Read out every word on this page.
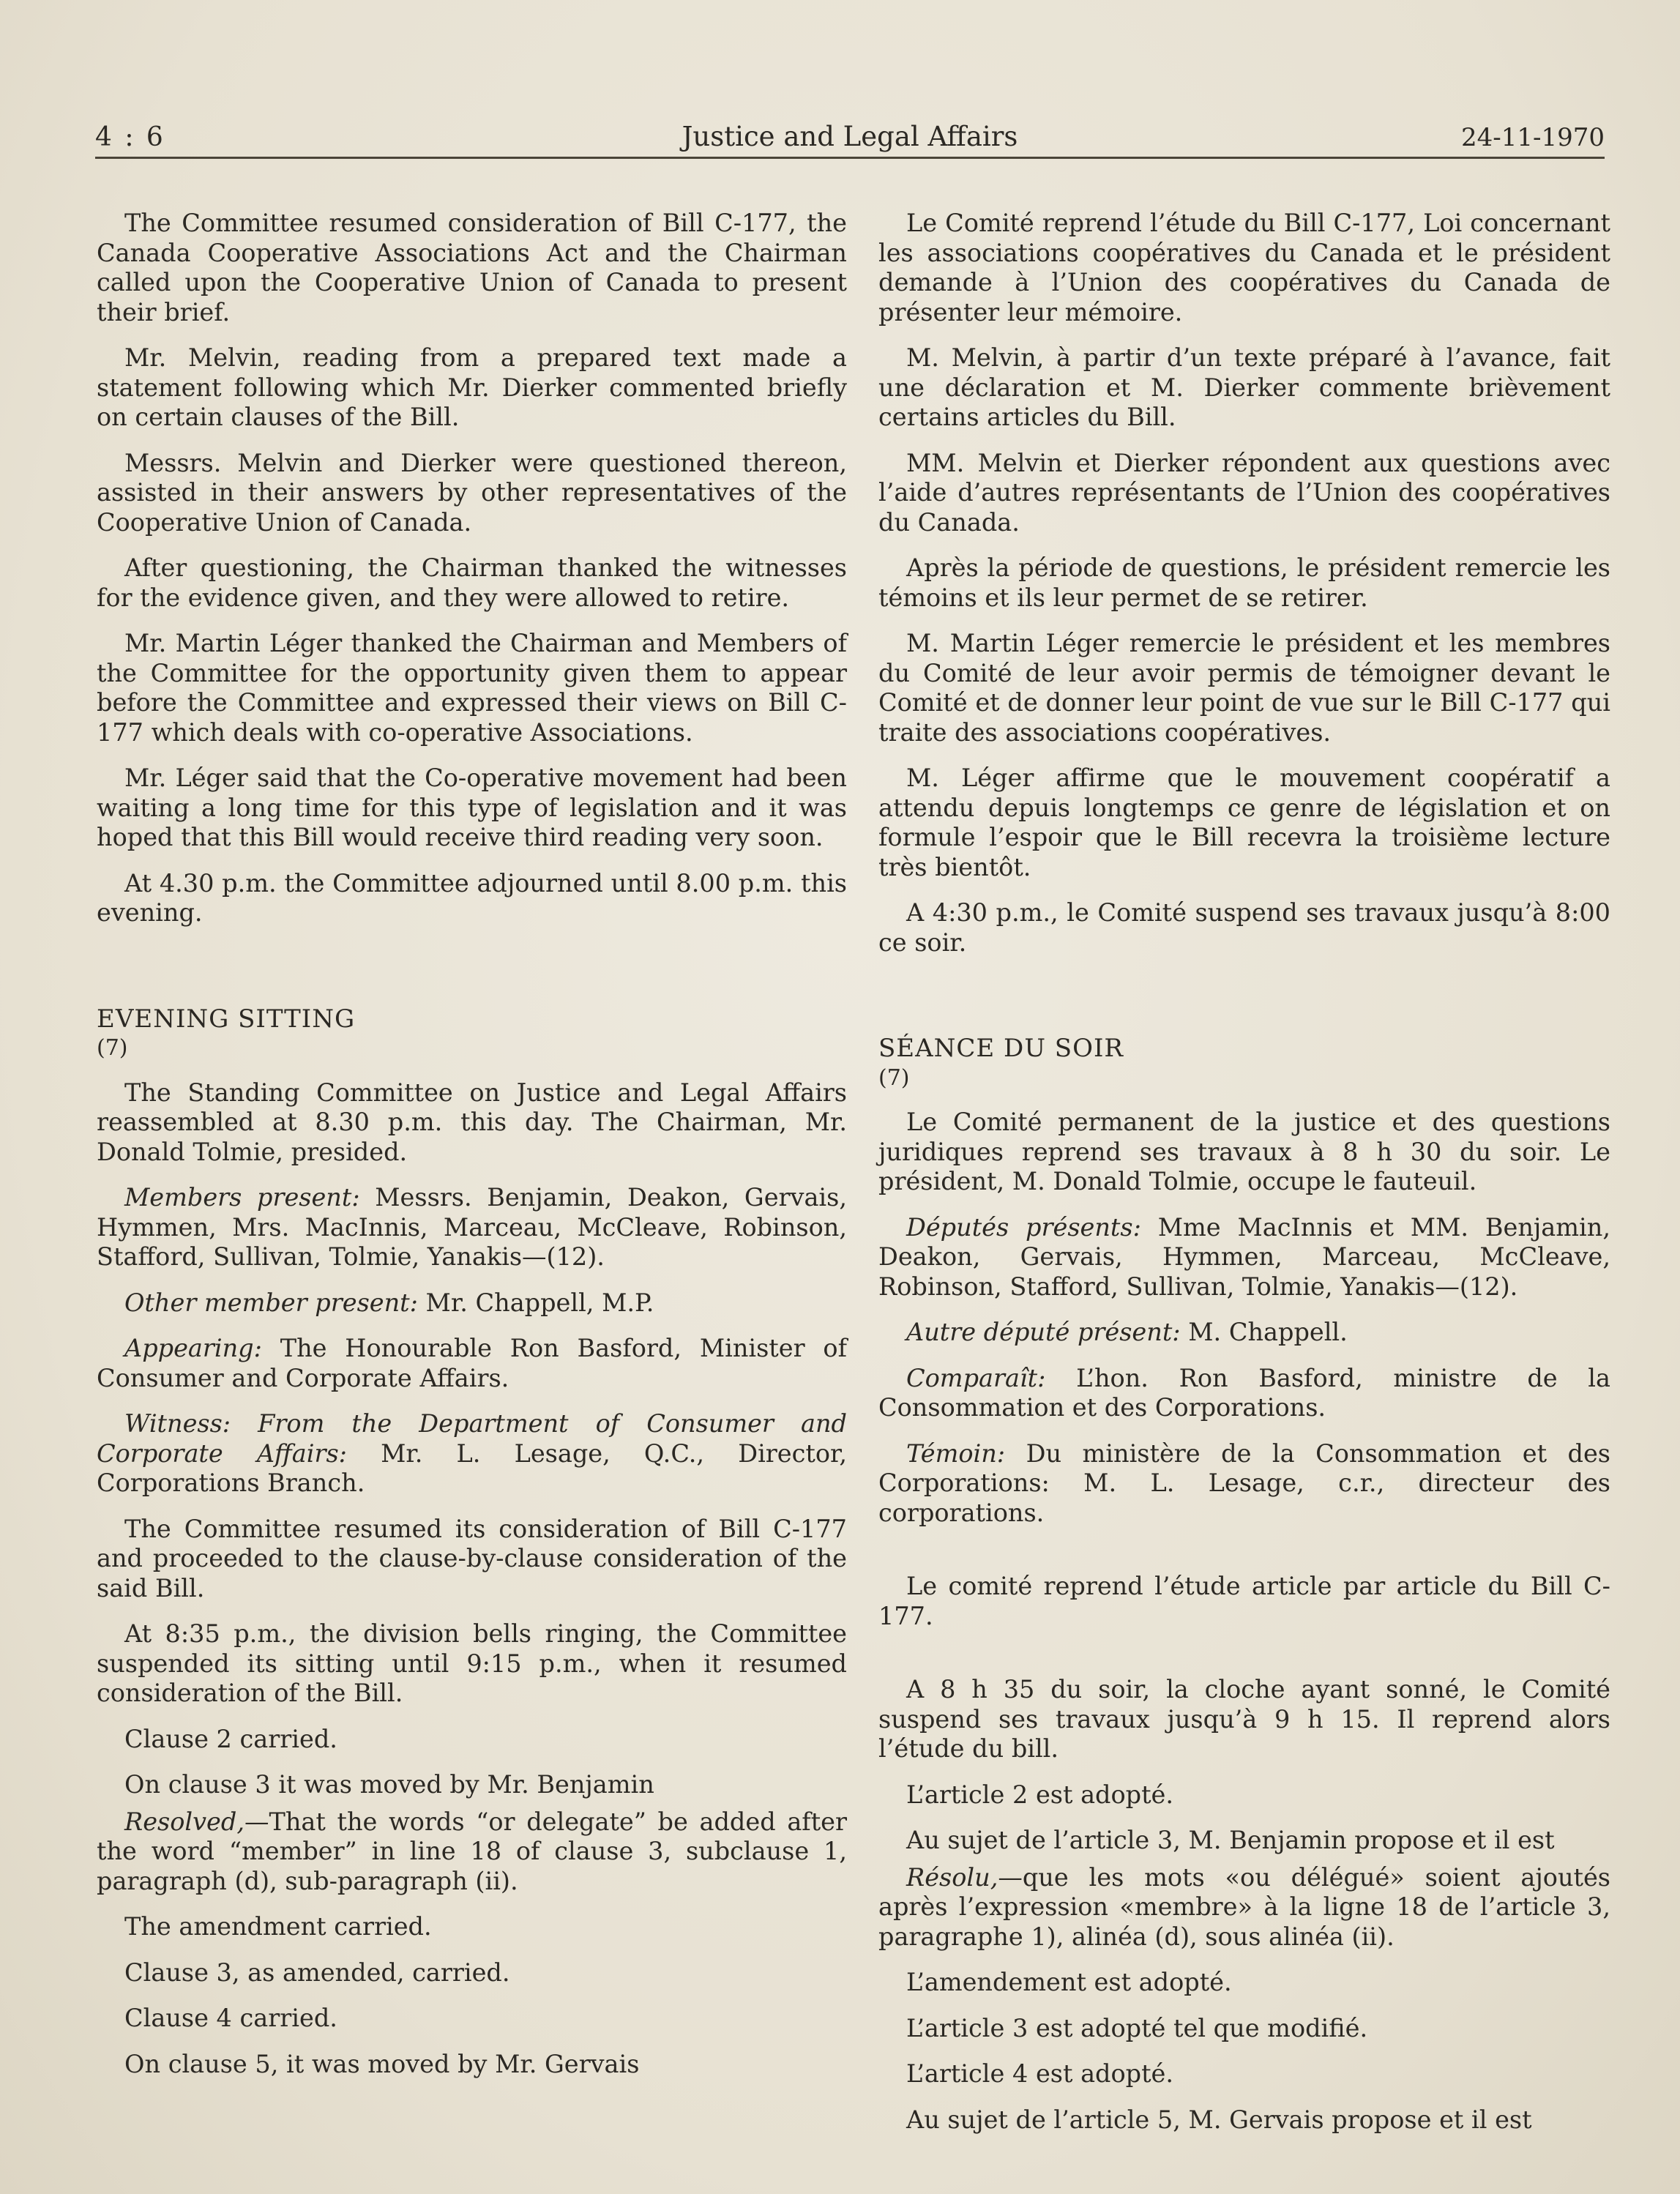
4 : 6	Justice and Legal Affairs	24-11-1970

The Committee resumed consideration of Bill C-177, the Canada Cooperative Associations Act and the Chairman called upon the Cooperative Union of Canada to present their brief.

Mr. Melvin, reading from a prepared text made a statement following which Mr. Dierker commented briefly on certain clauses of the Bill.

Messrs. Melvin and Dierker were questioned thereon, assisted in their answers by other representatives of the Cooperative Union of Canada.

After questioning, the Chairman thanked the witnesses for the evidence given, and they were allowed to retire.

Mr. Martin Léger thanked the Chairman and Members of the Committee for the opportunity given them to appear before the Committee and expressed their views on Bill C-177 which deals with co-operative Associations.

Mr. Léger said that the Co-operative movement had been waiting a long time for this type of legislation and it was hoped that this Bill would receive third reading very soon.

At 4.30 p.m. the Committee adjourned until 8.00 p.m. this evening.

EVENING SITTING
(7)

The Standing Committee on Justice and Legal Affairs reassembled at 8.30 p.m. this day. The Chairman, Mr. Donald Tolmie, presided.

Members present: Messrs. Benjamin, Deakon, Gervais, Hymmen, Mrs. MacInnis, Marceau, McCleave, Robinson, Stafford, Sullivan, Tolmie, Yanakis—(12).

Other member present: Mr. Chappell, M.P.

Appearing: The Honourable Ron Basford, Minister of Consumer and Corporate Affairs.

Witness: From the Department of Consumer and Corporate Affairs: Mr. L. Lesage, Q.C., Director, Corporations Branch.

The Committee resumed its consideration of Bill C-177 and proceeded to the clause-by-clause consideration of the said Bill.

At 8:35 p.m., the division bells ringing, the Committee suspended its sitting until 9:15 p.m., when it resumed consideration of the Bill.

Clause 2 carried.

On clause 3 it was moved by Mr. Benjamin

Resolved,—That the words “or delegate” be added after the word “member” in line 18 of clause 3, subclause 1, paragraph (d), sub-paragraph (ii).

The amendment carried.

Clause 3, as amended, carried.

Clause 4 carried.

On clause 5, it was moved by Mr. Gervais

Le Comité reprend l’étude du Bill C-177, Loi concernant les associations coopératives du Canada et le président demande à l’Union des coopératives du Canada de présenter leur mémoire.

M. Melvin, à partir d’un texte préparé à l’avance, fait une déclaration et M. Dierker commente brièvement certains articles du Bill.

MM. Melvin et Dierker répondent aux questions avec l’aide d’autres représentants de l’Union des coopératives du Canada.

Après la période de questions, le président remercie les témoins et ils leur permet de se retirer.

M. Martin Léger remercie le président et les membres du Comité de leur avoir permis de témoigner devant le Comité et de donner leur point de vue sur le Bill C-177 qui traite des associations coopératives.

M. Léger affirme que le mouvement coopératif a attendu depuis longtemps ce genre de législation et on formule l’espoir que le Bill recevra la troisième lecture très bientôt.

A 4:30 p.m., le Comité suspend ses travaux jusqu’à 8:00 ce soir.

SÉANCE DU SOIR
(7)

Le Comité permanent de la justice et des questions juridiques reprend ses travaux à 8 h 30 du soir. Le président, M. Donald Tolmie, occupe le fauteuil.

Députés présents: Mme MacInnis et MM. Benjamin, Deakon, Gervais, Hymmen, Marceau, McCleave, Robinson, Stafford, Sullivan, Tolmie, Yanakis—(12).

Autre député présent: M. Chappell.

Comparaît: L’hon. Ron Basford, ministre de la Consommation et des Corporations.

Témoin: Du ministère de la Consommation et des Corporations: M. L. Lesage, c.r., directeur des corporations.

Le comité reprend l’étude article par article du Bill C-177.

A 8 h 35 du soir, la cloche ayant sonné, le Comité suspend ses travaux jusqu’à 9 h 15. Il reprend alors l’étude du bill.

L’article 2 est adopté.

Au sujet de l’article 3, M. Benjamin propose et il est

Résolu,—que les mots «ou délégué» soient ajoutés après l’expression «membre» à la ligne 18 de l’article 3, paragraphe 1), alinéa (d), sous alinéa (ii).

L’amendement est adopté.

L’article 3 est adopté tel que modifié.

L’article 4 est adopté.

Au sujet de l’article 5, M. Gervais propose et il est
